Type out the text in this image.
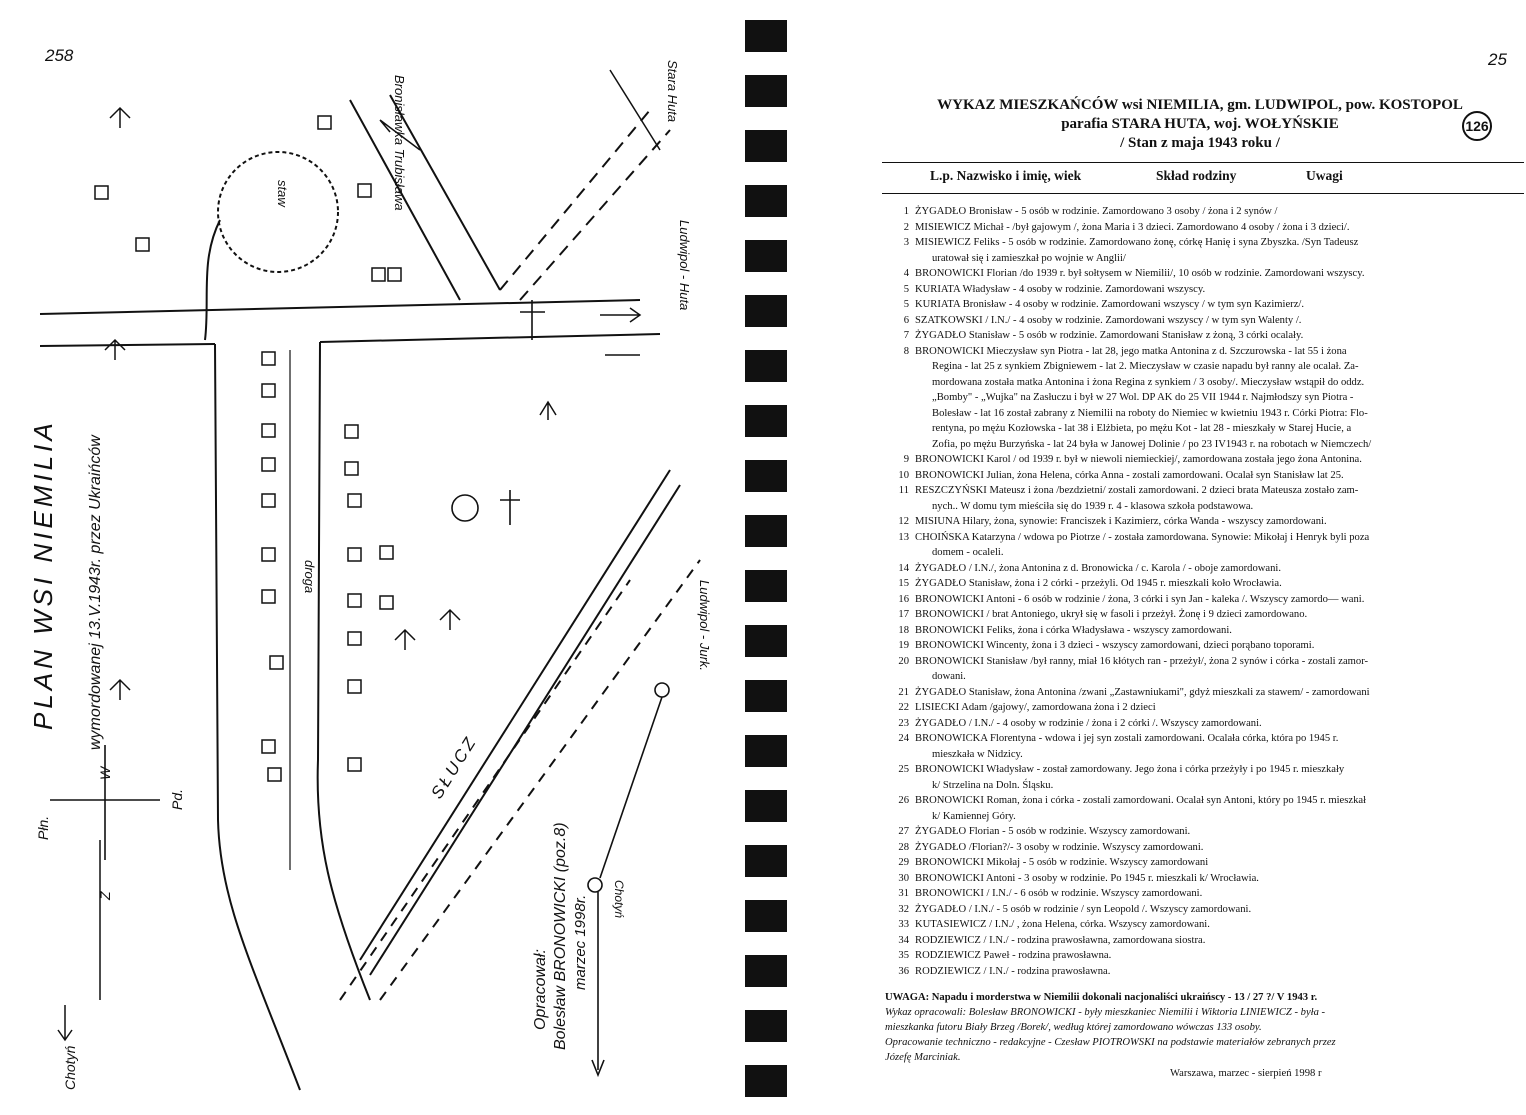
258
Płn.
Pd.
Z
W
PLAN WSI NIEMILIA wymordowanej 13.V.1943r. przez Ukraińców
Opracował: Bolesław BRONOWICKI (poz.8) marzec 1998r.
droga
staw
Stara Huta
Ludwipol - Huta
Ludwipol - Jurk.
Bronisławka Trubisława
SŁUCZ
Chotyń
Chotyń
25
WYKAZ MIESZKAŃCÓW wsi NIEMILIA, gm. LUDWIPOL, pow. KOSTOPOL
parafia STARA HUTA, woj. WOŁYŃSKIE
/ Stan z maja 1943 roku /
126
L.p. Nazwisko i imię, wiek	Skład rodziny	Uwagi
1 ŻYGADŁO Bronisław - 5 osób w rodzinie. Zamordowano 3 osoby / żona i 2 synów /
2 MISIEWICZ Michał - /był gajowym /, żona Maria i 3 dzieci. Zamordowano 4 osoby / żona i 3 dzieci/.
3 MISIEWICZ Feliks - 5 osób w rodzinie. Zamordowano żonę, córkę Hanię i syna Zbyszka. /Syn Tadeusz
uratował się i zamieszkał po wojnie w Anglii/
4 BRONOWICKI Florian /do 1939 r. był sołtysem w Niemilii/, 10 osób w rodzinie. Zamordowani wszyscy.
5 KURIATA Władysław - 4 osoby w rodzinie. Zamordowani wszyscy.
5 KURIATA Bronisław - 4 osoby w rodzinie. Zamordowani wszyscy / w tym syn Kazimierz/.
6 SZATKOWSKI / I.N./ - 4 osoby w rodzinie. Zamordowani wszyscy / w tym syn Walenty /.
7 ŻYGADŁO Stanisław - 5 osób w rodzinie. Zamordowani Stanisław z żoną, 3 córki ocalały.
8 BRONOWICKI Mieczysław syn Piotra - lat 28, jego matka Antonina z d. Szczurowska - lat 55 i żona
Regina - lat 25 z synkiem Zbigniewem - lat 2. Mieczysław w czasie napadu był ranny ale ocalał. Za-
mordowana została matka Antonina i żona Regina z synkiem / 3 osoby/. Mieczysław wstąpił do oddz.
„Bomby" - „Wujka" na Zasłuczu i był w 27 Wol. DP AK do 25 VII 1944 r. Najmłodszy syn Piotra -
Bolesław - lat 16 został zabrany z Niemilii na roboty do Niemiec w kwietniu 1943 r. Córki Piotra: Flo-
rentyna, po mężu Kozłowska - lat 38 i Elżbieta, po mężu Kot - lat 28 - mieszkały w Starej Hucie, a
Zofia, po mężu Burzyńska - lat 24 była w Janowej Dolinie / po 23 IV1943 r. na robotach w Niemczech/
9 BRONOWICKI Karol / od 1939 r. był w niewoli niemieckiej/, zamordowana została jego żona Antonina.
10 BRONOWICKI Julian, żona Helena, córka Anna - zostali zamordowani. Ocalał syn Stanisław lat 25.
11 RESZCZYŃSKI Mateusz i żona /bezdzietni/ zostali zamordowani. 2 dzieci brata Mateusza zostało zam-
nych.. W domu tym mieściła się do 1939 r. 4 - klasowa szkoła podstawowa.
12 MISIUNA Hilary, żona, synowie: Franciszek i Kazimierz, córka Wanda - wszyscy zamordowani.
13 CHOIŃSKA Katarzyna / wdowa po Piotrze / - została zamordowana. Synowie: Mikołaj i Henryk byli poza
domem - ocaleli.
14 ŻYGADŁO / I.N./, żona Antonina z d. Bronowicka / c. Karola / - oboje zamordowani.
15 ŻYGADŁO Stanisław, żona i 2 córki - przeżyli. Od 1945 r. mieszkali koło Wrocławia.
16 BRONOWICKI Antoni - 6 osób w rodzinie / żona, 3 córki i syn Jan - kaleka /. Wszyscy zamordo— wani.
17 BRONOWICKI / brat Antoniego, ukrył się w fasoli i przeżył. Żonę i 9 dzieci zamordowano.
18 BRONOWICKI Feliks, żona i córka Władysława - wszyscy zamordowani.
19 BRONOWICKI Wincenty, żona i 3 dzieci - wszyscy zamordowani, dzieci porąbano toporami.
20 BRONOWICKI Stanisław /był ranny, miał 16 kłótych ran - przeżył/, żona 2 synów i córka - zostali zamor-
dowani.
21 ŻYGADŁO Stanisław, żona Antonina /zwani „Zastawniukami", gdyż mieszkali za stawem/ - zamordowani
22 LISIECKI Adam /gajowy/, zamordowana żona i 2 dzieci
23 ŻYGADŁO / I.N./ - 4 osoby w rodzinie / żona i 2 córki /. Wszyscy zamordowani.
24 BRONOWICKA Florentyna - wdowa i jej syn zostali zamordowani. Ocalała córka, która po 1945 r.
mieszkała w Nidzicy.
25 BRONOWICKI Władysław - został zamordowany. Jego żona i córka przeżyły i po 1945 r. mieszkały
k/ Strzelina na Doln. Śląsku.
26 BRONOWICKI Roman, żona i córka - zostali zamordowani. Ocalał syn Antoni, który po 1945 r. mieszkał
k/ Kamiennej Góry.
27 ŻYGADŁO Florian - 5 osób w rodzinie. Wszyscy zamordowani.
28 ŻYGADŁO /Florian?/- 3 osoby w rodzinie. Wszyscy zamordowani.
29 BRONOWICKI Mikołaj - 5 osób w rodzinie. Wszyscy zamordowani
30 BRONOWICKI Antoni - 3 osoby w rodzinie. Po 1945 r. mieszkali k/ Wrocławia.
31 BRONOWICKI / I.N./ - 6 osób w rodzinie. Wszyscy zamordowani.
32 ŻYGADŁO / I.N./ - 5 osób w rodzinie / syn Leopold /. Wszyscy zamordowani.
33 KUTASIEWICZ / I.N./ , żona Helena, córka. Wszyscy zamordowani.
34 RODZIEWICZ / I.N./ - rodzina prawosławna, zamordowana siostra.
35 RODZIEWICZ Paweł - rodzina prawosławna.
36 RODZIEWICZ / I.N./ - rodzina prawosławna.
UWAGA: Napadu i morderstwa w Niemilii dokonali nacjonaliści ukraińscy - 13 / 27 ?/ V 1943 r.
Wykaz opracowali: Bolesław BRONOWICKI - były mieszkaniec Niemilii i Wiktoria LINIEWICZ - była -
mieszkanka futoru Biały Brzeg /Borek/, według której zamordowano wówczas 133 osoby.
Opracowanie techniczno - redakcyjne - Czesław PIOTROWSKI na podstawie materiałów zebranych przez
Józefę Marciniak.
Warszawa, marzec - sierpień 1998 r
